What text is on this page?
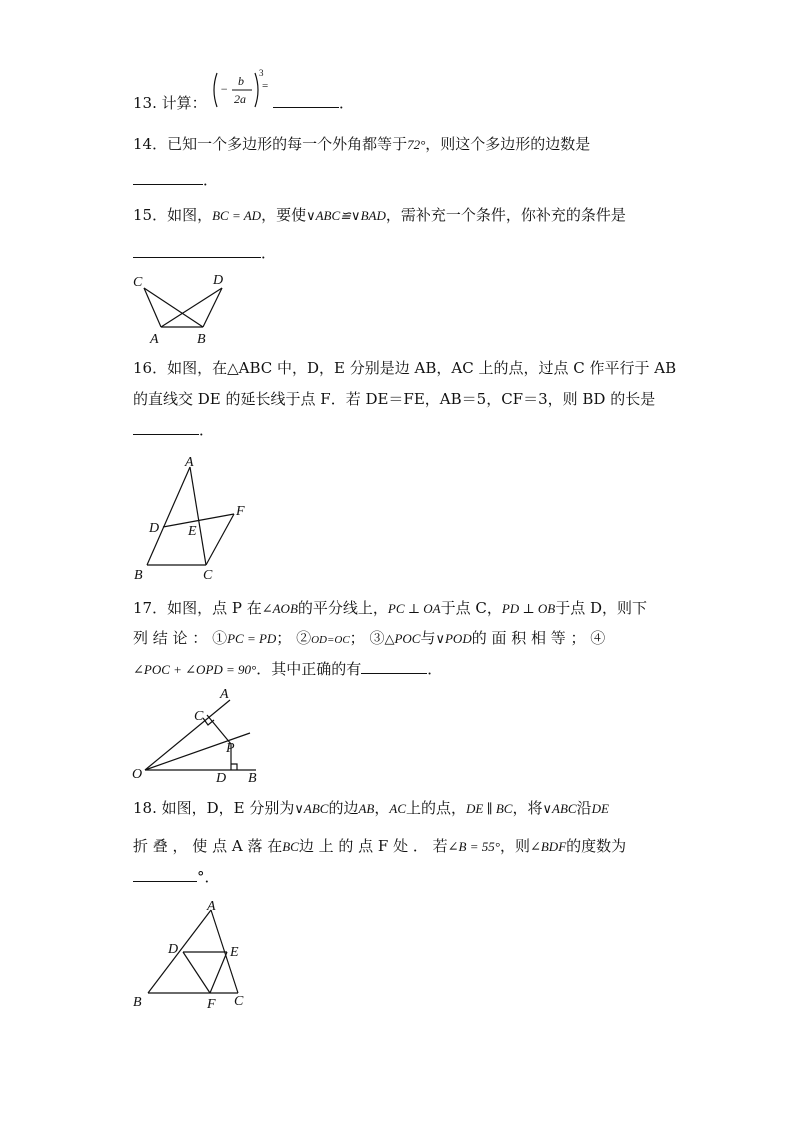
13. 计算：
−
b
2a
3
=
．
14．已知一个多边形的每一个外角都等于72°，则这个多边形的边数是
．
15．如图，BC = AD，要使∨ABC≌∨BAD，需补充一个条件，你补充的条件是
．
C	D
A	B
16．如图，在△ABC 中，D，E 分别是边 AB，AC 上的点，过点 C 作平行于 AB
的直线交 DE 的延长线于点 F．若 DE＝FE，AB＝5，CF＝3，则 BD 的长是
．
A
D E
F
B	C
17．如图，点 P 在∠AOB的平分线上，PC ⊥ OA于点 C，PD ⊥ OB于点 D，则下
列 结 论 ： ①PC = PD； ②OD=OC； ③△POC与∨POD的 面 积 相 等 ； ④
∠POC + ∠OPD = 90°．其中正确的有	．
A
C
P
O	D B
18. 如图，D，E 分别为∨ABC的边AB，AC上的点，DE ∥ BC，将∨ABC沿DE
折 叠 ， 使 点 A 落 在BC边 上 的 点 F 处 ． 若∠B = 55°，则∠BDF的度数为
°．
A
D	E
B	F C
